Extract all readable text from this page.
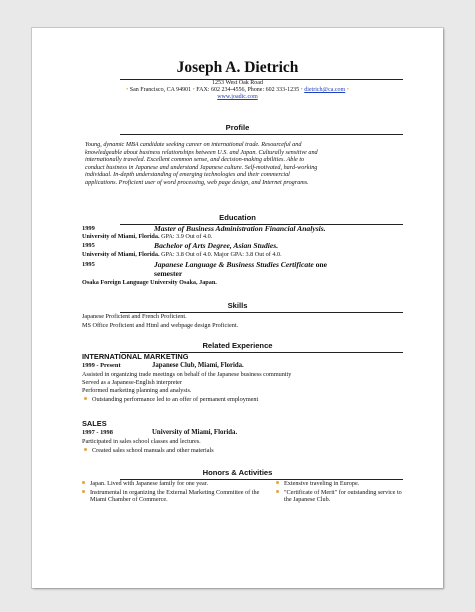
Joseph A. Dietrich
1253 West Oak Road
• San Francisco, CA 94901 • FAX: 602 234-4556, Phone: 602 333-1235 • dietrich@ca.com •
www.joadic.com
Profile
Young, dynamic MBA candidate seeking career on international trade. Resourceful and
knowledgeable about business relationships between U.S. and Japan. Culturally sensitive and
internationally traveled. Excellent common sense, and decision-making abilities. Able to
conduct business in Japanese and understand Japanese culture. Self-motivated, hard-working
individual. In-depth understanding of emerging technologies and their commercial
applications. Proficient user of word processing, web page design, and Internet programs.
Education
1999	Master of Business Administration Financial Analysis.
University of Miami, Florida. GPA: 3.9 Out of 4.0.
1995	Bachelor of Arts Degree, Asian Studies.
University of Miami, Florida. GPA: 3.8 Out of 4.0. Major GPA: 3.8 Out of 4.0.
1995	Japanese Language & Business Studies Certificate one
semester
Osaka Foreign Language University Osaka, Japan.
Skills
Japanese Proficient and French Proficient.
MS Office Proficient and Html and webpage design Proficient.
Related Experience
INTERNATIONAL MARKETING
1999 - Present	Japanese Club, Miami, Florida.
Assisted in organizing trade meetings on behalf of the Japanese business community
Served as a Japanese-English interpreter
Performed marketing planning and analysis.
Outstanding performance led to an offer of permanent employment
SALES
1997 - 1998	University of Miami, Florida.
Participated in sales school classes and lectures.
Created sales school manuals and other materials
Honors & Activities
Japan. Lived with Japanese family for one year.
Instrumental in organizing the External Marketing Committee of the Miami Chamber of Commerce.
Extensive traveling in Europe.
"Certificate of Merit" for outstanding service to the Japanese Club.
